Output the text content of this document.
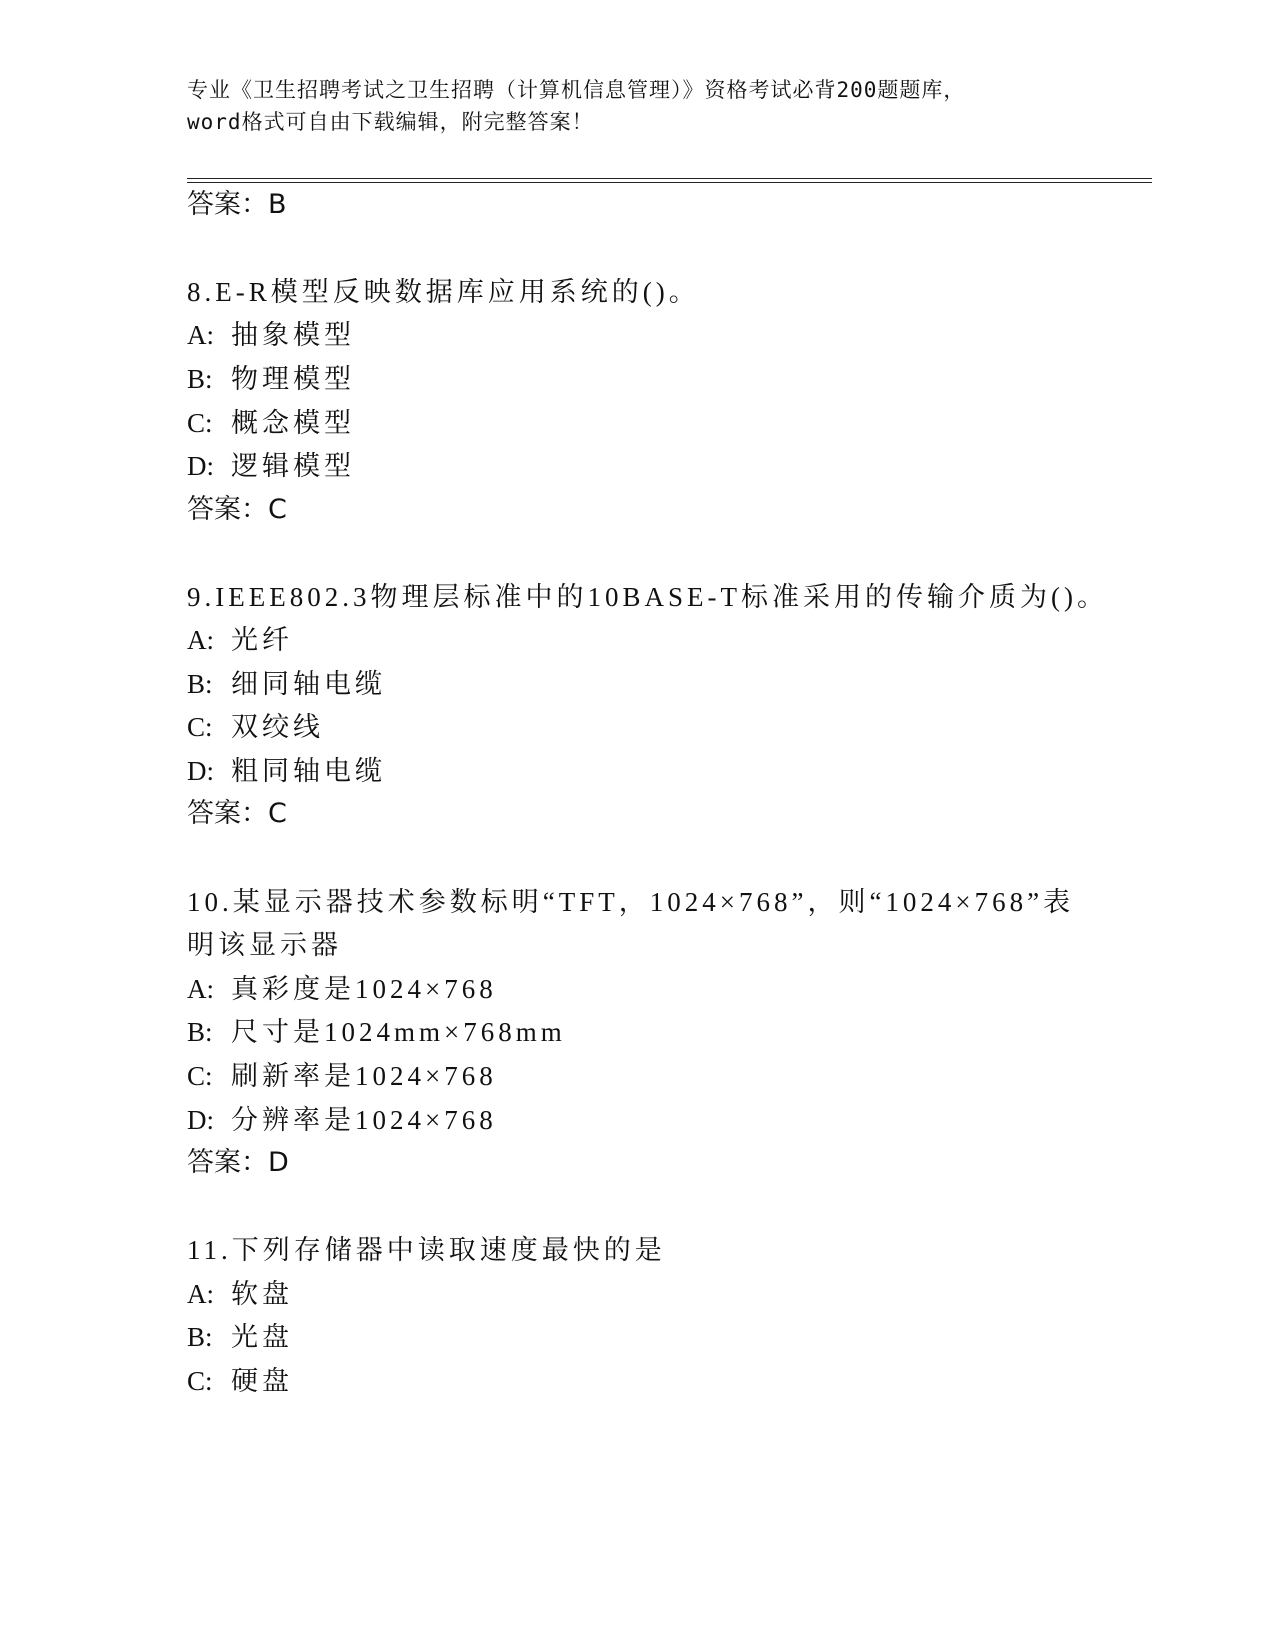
专业《卫生招聘考试之卫生招聘（计算机信息管理）》资格考试必背200题题库，
word格式可自由下载编辑，附完整答案！
答案：B
8.E-R模型反映数据库应用系统的()。
A: 抽象模型
B: 物理模型
C: 概念模型
D: 逻辑模型
答案：C
9.IEEE802.3物理层标准中的10BASE-T标准采用的传输介质为()。
A: 光纤
B: 细同轴电缆
C: 双绞线
D: 粗同轴电缆
答案：C
10.某显示器技术参数标明“TFT，1024×768”，则“1024×768”表
明该显示器
A: 真彩度是1024×768
B: 尺寸是1024mm×768mm
C: 刷新率是1024×768
D: 分辨率是1024×768
答案：D
11.下列存储器中读取速度最快的是
A: 软盘
B: 光盘
C: 硬盘
